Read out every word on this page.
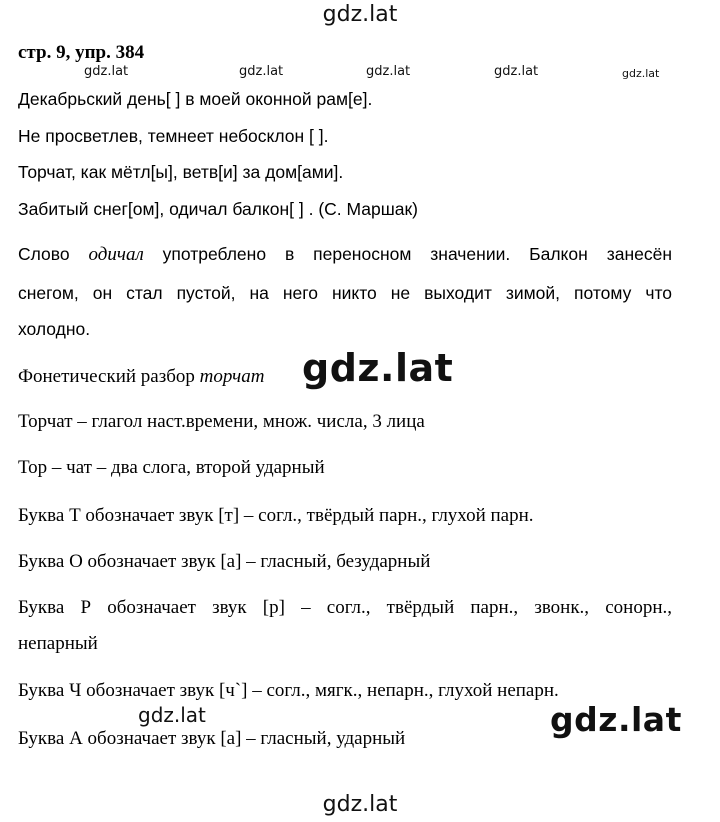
gdz.lat
gdz.lat	gdz.lat	gdz.lat	gdz.lat	gdz.lat
стр. 9, упр. 384
Декабрьский день[ ] в моей оконной рам[е].
Не просветлев, темнеет небосклон [ ].
Торчат, как мётл[ы], ветв[и] за дом[ами].
Забитый снег[ом], одичал балкон[ ] . (С. Маршак)
Слово одичал употреблено в переносном значении. Балкон занесён
снегом, он стал пустой, на него никто не выходит зимой, потому что
холодно.
Фонетический разбор торчат gdz.lat
Торчат – глагол наст.времени, множ. числа, 3 лица
Тор – чат – два слога, второй ударный
Буква Т обозначает звук [т] – согл., твёрдый парн., глухой парн.
Буква О обозначает звук [а] – гласный, безударный
Буква Р обозначает звук [р] – согл., твёрдый парн., звонк., сонорн.,
непарный
Буква Ч обозначает звук [ч`] – согл., мягк., непарн., глухой непарн.
Буква А обозначает звук [а] – гласный, ударный
gdz.lat	gdz.lat
gdz.lat
